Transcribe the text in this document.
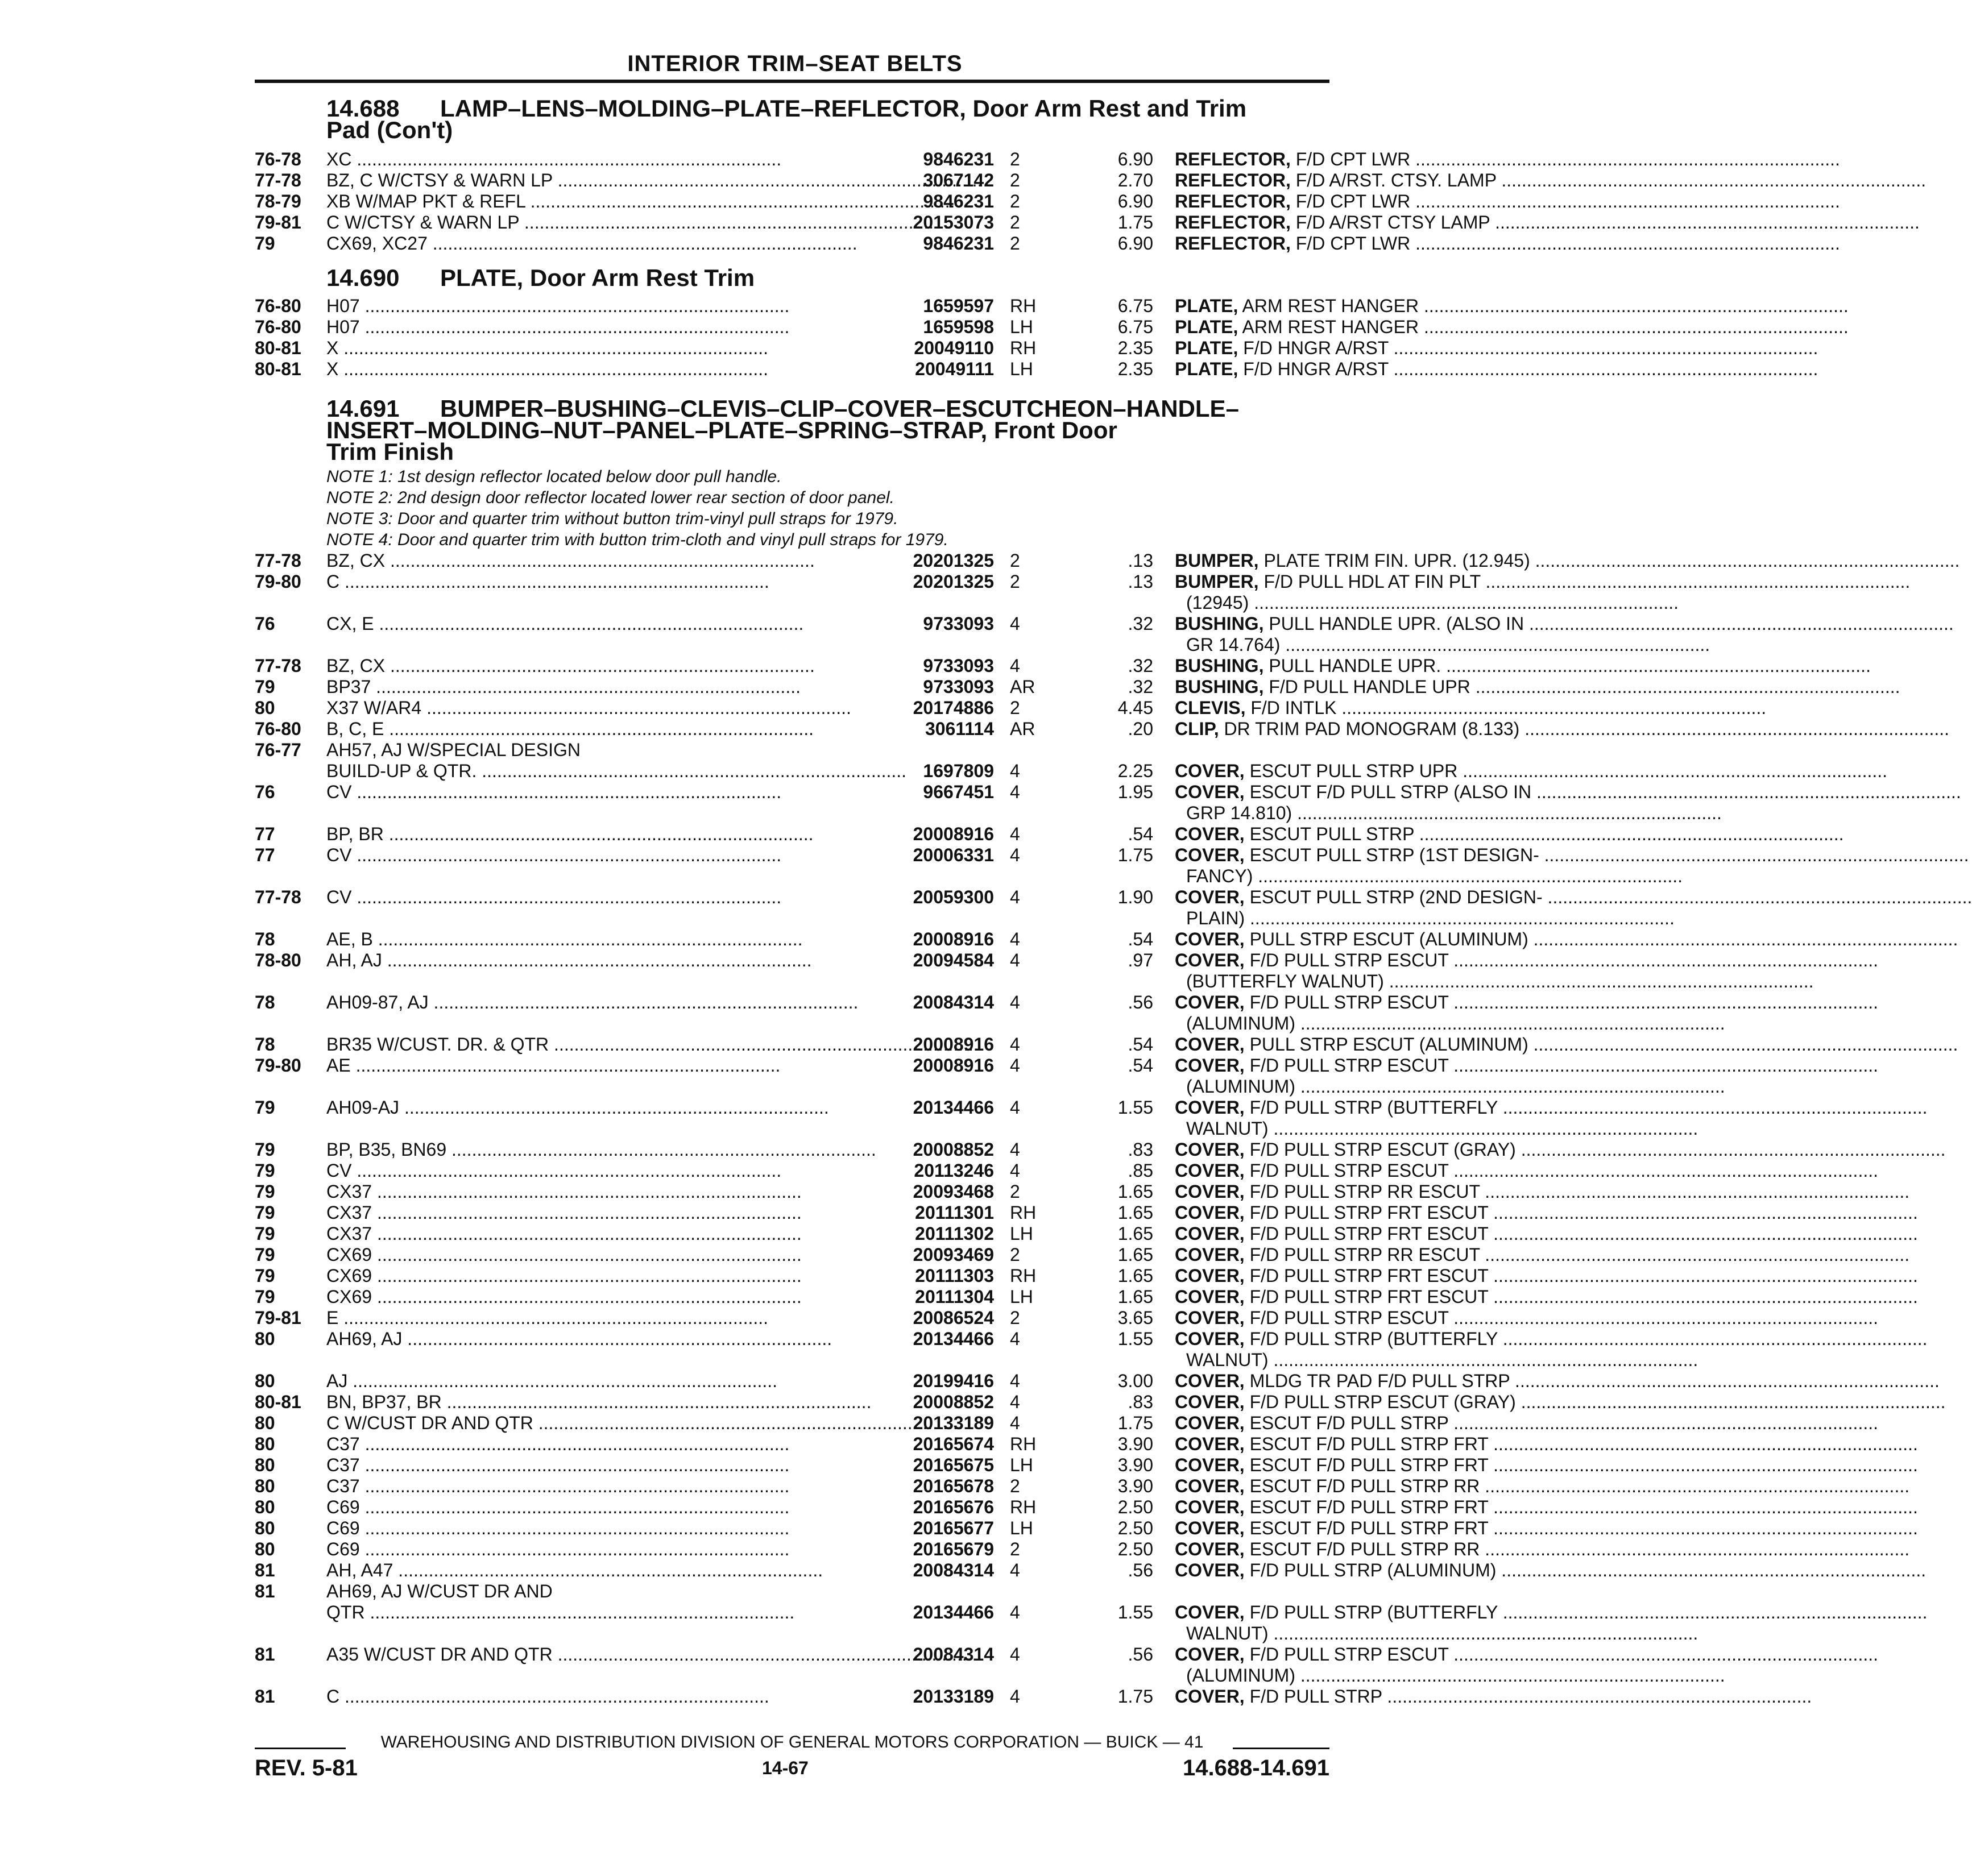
INTERIOR TRIM–SEAT BELTS
14.688 LAMP–LENS–MOLDING–PLATE–REFLECTOR, Door Arm Rest and Trim
Pad (Con't)
14.690 PLATE, Door Arm Rest Trim
14.691 BUMPER–BUSHING–CLEVIS–CLIP–COVER–ESCUTCHEON–HANDLE–
INSERT–MOLDING–NUT–PANEL–PLATE–SPRING–STRAP, Front Door
Trim Finish

NOTE 1: 1st design reflector located below door pull handle.

NOTE 2: 2nd design door reflector located lower rear section of door panel.

NOTE 3: Door and quarter trim without button trim-vinyl pull straps for 1979.

NOTE 4: Door and quarter trim with button trim-cloth and vinyl pull straps for 1979.

76-78	XC .....	9846231 2	6.90 REFLECTOR, F/D CPT LWR .....
77-78	BZ, C W/CTSY & WARN LP .....	3067142 2	2.70 REFLECTOR, F/D A/RST. CTSY. LAMP .....
78-79	XB W/MAP PKT & REFL .....	9846231 2	6.90 REFLECTOR, F/D CPT LWR .....
79-81	C W/CTSY & WARN LP .....	20153073 2	1.75 REFLECTOR, F/D A/RST CTSY LAMP .....
79	CX69, XC27 .....	9846231 2	6.90 REFLECTOR, F/D CPT LWR .....
76-80	H07 .....	1659597 RH	6.75 PLATE, ARM REST HANGER .....
76-80	H07 .....	1659598 LH	6.75 PLATE, ARM REST HANGER .....
80-81	X .....	20049110 RH	2.35 PLATE, F/D HNGR A/RST .....
80-81	X .....	20049111 LH	2.35 PLATE, F/D HNGR A/RST .....
77-78	BZ, CX .....	20201325 2	.13 BUMPER, PLATE TRIM FIN. UPR. (12.945) .....
79-80	C .....	20201325 2	.13 BUMPER, F/D PULL HDL AT FIN PLT .....
(12945) .....
76	CX, E .....	9733093 4	.32 BUSHING, PULL HANDLE UPR. (ALSO IN .....
GR 14.764) .....
77-78	BZ, CX .....	9733093 4	.32 BUSHING, PULL HANDLE UPR. .....
79	BP37 .....	9733093 AR	.32 BUSHING, F/D PULL HANDLE UPR .....
80	X37 W/AR4 .....	20174886 2	4.45 CLEVIS, F/D INTLK .....
76-80	B, C, E .....	3061114 AR	.20 CLIP, DR TRIM PAD MONOGRAM (8.133) .....
76-77	AH57, AJ W/SPECIAL DESIGN
BUILD-UP & QTR. .....	1697809 4	2.25 COVER, ESCUT PULL STRP UPR .....
76	CV .....	9667451 4	1.95 COVER, ESCUT F/D PULL STRP (ALSO IN .....
GRP 14.810) .....
77	BP, BR .....	20008916 4	.54 COVER, ESCUT PULL STRP .....
77	CV .....	20006331 4	1.75 COVER, ESCUT PULL STRP (1ST DESIGN- .....
FANCY) .....
77-78	CV .....	20059300 4	1.90 COVER, ESCUT PULL STRP (2ND DESIGN- .....
PLAIN) .....
78	AE, B .....	20008916 4	.54 COVER, PULL STRP ESCUT (ALUMINUM) .....
78-80	AH, AJ .....	20094584 4	.97 COVER, F/D PULL STRP ESCUT .....
(BUTTERFLY WALNUT) .....
78	AH09-87, AJ .....	20084314 4	.56 COVER, F/D PULL STRP ESCUT .....
(ALUMINUM) .....
78	BR35 W/CUST. DR. & QTR .....	20008916 4	.54 COVER, PULL STRP ESCUT (ALUMINUM) .....
79-80	AE .....	20008916 4	.54 COVER, F/D PULL STRP ESCUT .....
(ALUMINUM) .....
79	AH09-AJ .....	20134466 4	1.55 COVER, F/D PULL STRP (BUTTERFLY .....
WALNUT) .....
79	BP, B35, BN69 .....	20008852 4	.83 COVER, F/D PULL STRP ESCUT (GRAY) .....
79	CV .....	20113246 4	.85 COVER, F/D PULL STRP ESCUT .....
79	CX37 .....	20093468 2	1.65 COVER, F/D PULL STRP RR ESCUT .....
79	CX37 .....	20111301 RH	1.65 COVER, F/D PULL STRP FRT ESCUT .....
79	CX37 .....	20111302 LH	1.65 COVER, F/D PULL STRP FRT ESCUT .....
79	CX69 .....	20093469 2	1.65 COVER, F/D PULL STRP RR ESCUT .....
79	CX69 .....	20111303 RH	1.65 COVER, F/D PULL STRP FRT ESCUT .....
79	CX69 .....	20111304 LH	1.65 COVER, F/D PULL STRP FRT ESCUT .....
79-81	E .....	20086524 2	3.65 COVER, F/D PULL STRP ESCUT .....
80	AH69, AJ .....	20134466 4	1.55 COVER, F/D PULL STRP (BUTTERFLY .....
WALNUT) .....
80	AJ .....	20199416 4	3.00 COVER, MLDG TR PAD F/D PULL STRP .....
80-81	BN, BP37, BR .....	20008852 4	.83 COVER, F/D PULL STRP ESCUT (GRAY) .....
80	C W/CUST DR AND QTR .....	20133189 4	1.75 COVER, ESCUT F/D PULL STRP .....
80	C37 .....	20165674 RH	3.90 COVER, ESCUT F/D PULL STRP FRT .....
80	C37 .....	20165675 LH	3.90 COVER, ESCUT F/D PULL STRP FRT .....
80	C37 .....	20165678 2	3.90 COVER, ESCUT F/D PULL STRP RR .....
80	C69 .....	20165676 RH	2.50 COVER, ESCUT F/D PULL STRP FRT .....
80	C69 .....	20165677 LH	2.50 COVER, ESCUT F/D PULL STRP FRT .....
80	C69 .....	20165679 2	2.50 COVER, ESCUT F/D PULL STRP RR .....
81	AH, A47 .....	20084314 4	.56 COVER, F/D PULL STRP (ALUMINUM) .....
81	AH69, AJ W/CUST DR AND
QTR .....	20134466 4	1.55 COVER, F/D PULL STRP (BUTTERFLY .....
WALNUT) .....
81	A35 W/CUST DR AND QTR .....	20084314 4	.56 COVER, F/D PULL STRP ESCUT .....
(ALUMINUM) .....
81	C .....	20133189 4	1.75 COVER, F/D PULL STRP .....
WAREHOUSING AND DISTRIBUTION DIVISION OF GENERAL MOTORS CORPORATION — BUICK — 41
REV. 5-81	14-67	14.688-14.691
